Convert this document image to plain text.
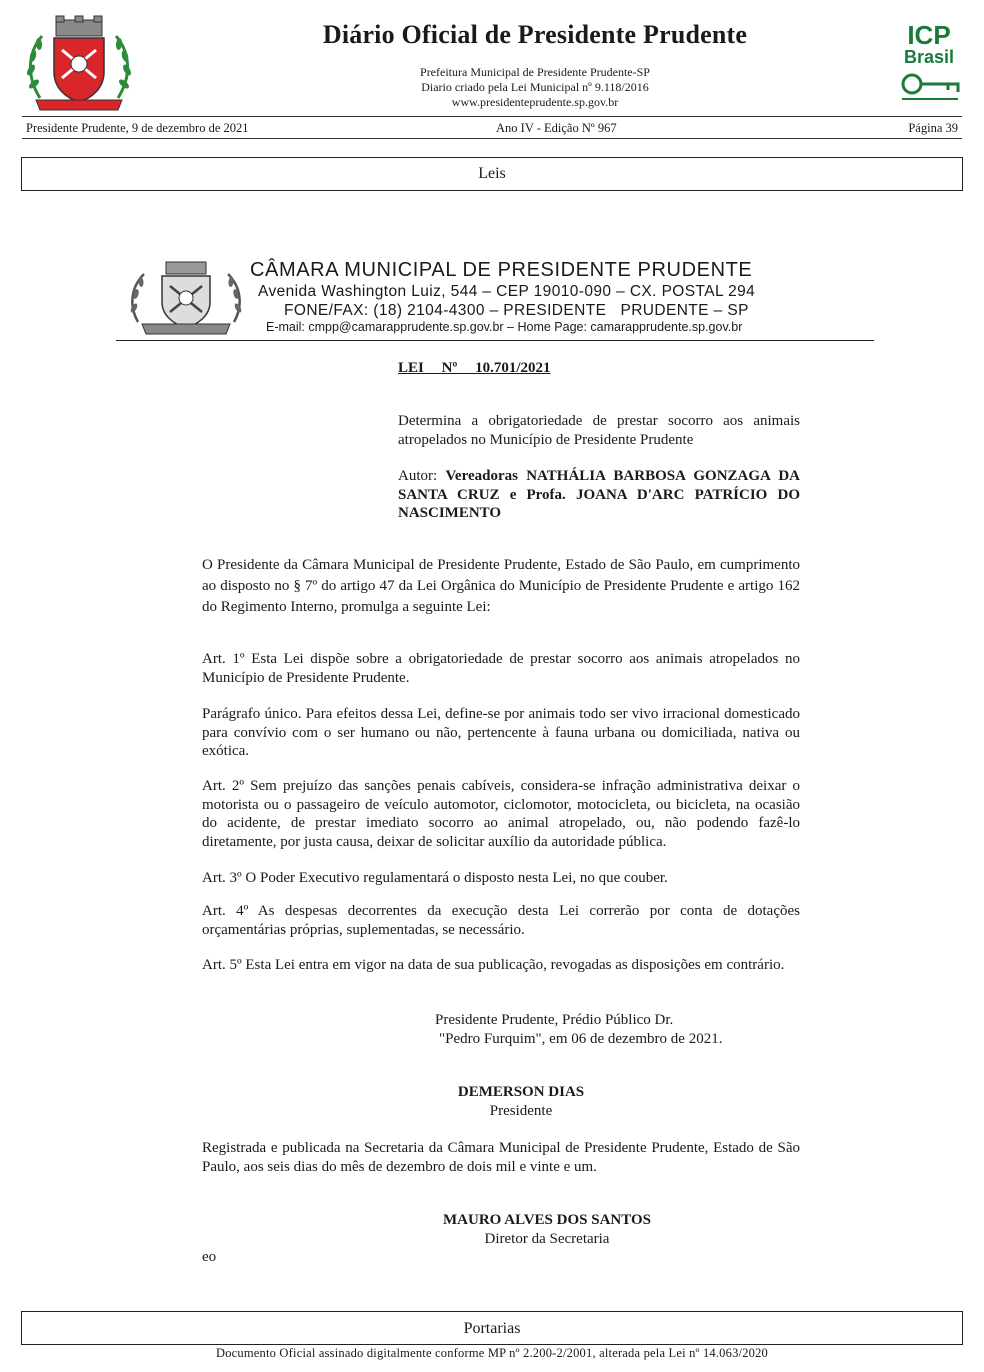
Diário Oficial de Presidente Prudente
Prefeitura Municipal de Presidente Prudente-SP
Diario criado pela Lei Municipal nº 9.118/2016
www.presidenteprudente.sp.gov.br
ICP
Brasil
Presidente Prudente, 9 de dezembro de 2021	Ano IV - Edição Nº 967	Página 39
Leis
CÂMARA MUNICIPAL DE PRESIDENTE PRUDENTE
Avenida Washington Luiz, 544 – CEP 19010-090 – CX. POSTAL 294
FONE/FAX: (18) 2104-4300 – PRESIDENTE   PRUDENTE – SP
E-mail: cmpp@camarapprudente.sp.gov.br – Home Page: camarapprudente.sp.gov.br
LEI Nº 10.701/2021
Determina a obrigatoriedade de prestar socorro aos animais atropelados no Município de Presidente Prudente
Autor: Vereadoras NATHÁLIA BARBOSA GONZAGA DA SANTA CRUZ e Profa. JOANA D'ARC PATRÍCIO DO NASCIMENTO
O Presidente da Câmara Municipal de Presidente Prudente, Estado de São Paulo, em cumprimento ao disposto no § 7º do artigo 47 da Lei Orgânica do Município de Presidente Prudente e artigo 162 do Regimento Interno, promulga a seguinte Lei:
Art. 1º Esta Lei dispõe sobre a obrigatoriedade de prestar socorro aos animais atropelados no Município de Presidente Prudente.
Parágrafo único. Para efeitos dessa Lei, define-se por animais todo ser vivo irracional domesticado para convívio com o ser humano ou não, pertencente à fauna urbana ou domiciliada, nativa ou exótica.
Art. 2º Sem prejuízo das sanções penais cabíveis, considera-se infração administrativa deixar o motorista ou o passageiro de veículo automotor, ciclomotor, motocicleta, ou bicicleta, na ocasião do acidente, de prestar imediato socorro ao animal atropelado, ou, não podendo fazê-lo diretamente, por justa causa, deixar de solicitar auxílio da autoridade pública.
Art. 3º O Poder Executivo regulamentará o disposto nesta Lei, no que couber.
Art. 4º As despesas decorrentes da execução desta Lei correrão por conta de dotações orçamentárias próprias, suplementadas, se necessário.
Art. 5º Esta Lei entra em vigor na data de sua publicação, revogadas as disposições em contrário.
Presidente Prudente, Prédio Público Dr.
"Pedro Furquim", em 06 de dezembro de 2021.
DEMERSON DIAS
Presidente
Registrada e publicada na Secretaria da Câmara Municipal de Presidente Prudente, Estado de São Paulo, aos seis dias do mês de dezembro de dois mil e vinte e um.
MAURO ALVES DOS SANTOS
Diretor da Secretaria
eo
Portarias
Documento Oficial assinado digitalmente conforme MP nº 2.200-2/2001, alterada pela Lei nº 14.063/2020
